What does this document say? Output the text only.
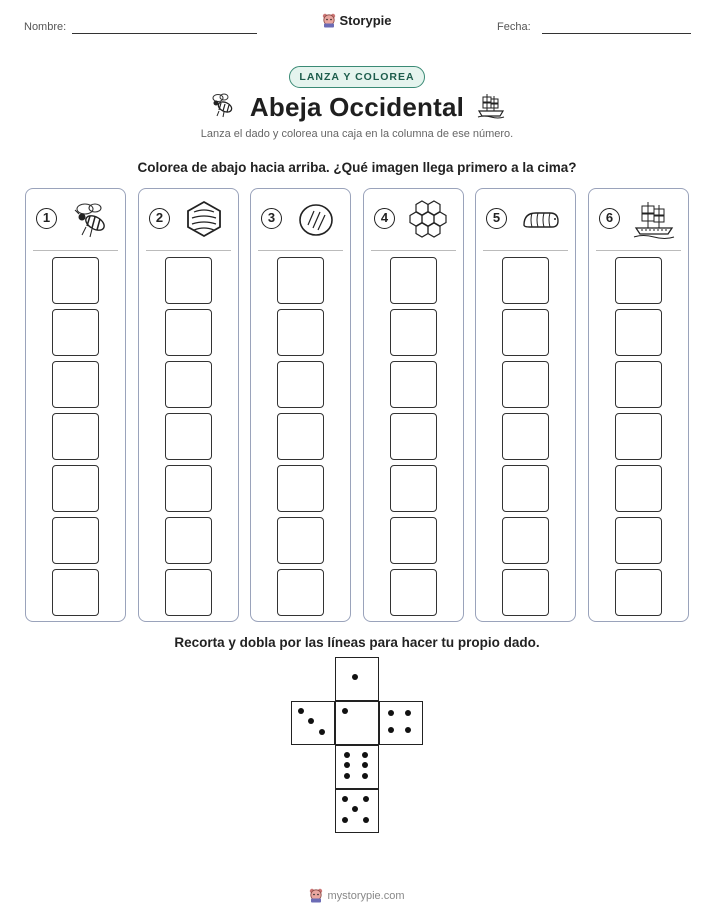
Nombre:	Storypie	Fecha:
LANZA Y COLOREA
Abeja Occidental
Lanza el dado y colorea una caja en la columna de ese número.
Colorea de abajo hacia arriba. ¿Qué imagen llega primero a la cima?
1	2	3	4	5	6
Recorta y dobla por las líneas para hacer tu propio dado.
mystorypie.com
